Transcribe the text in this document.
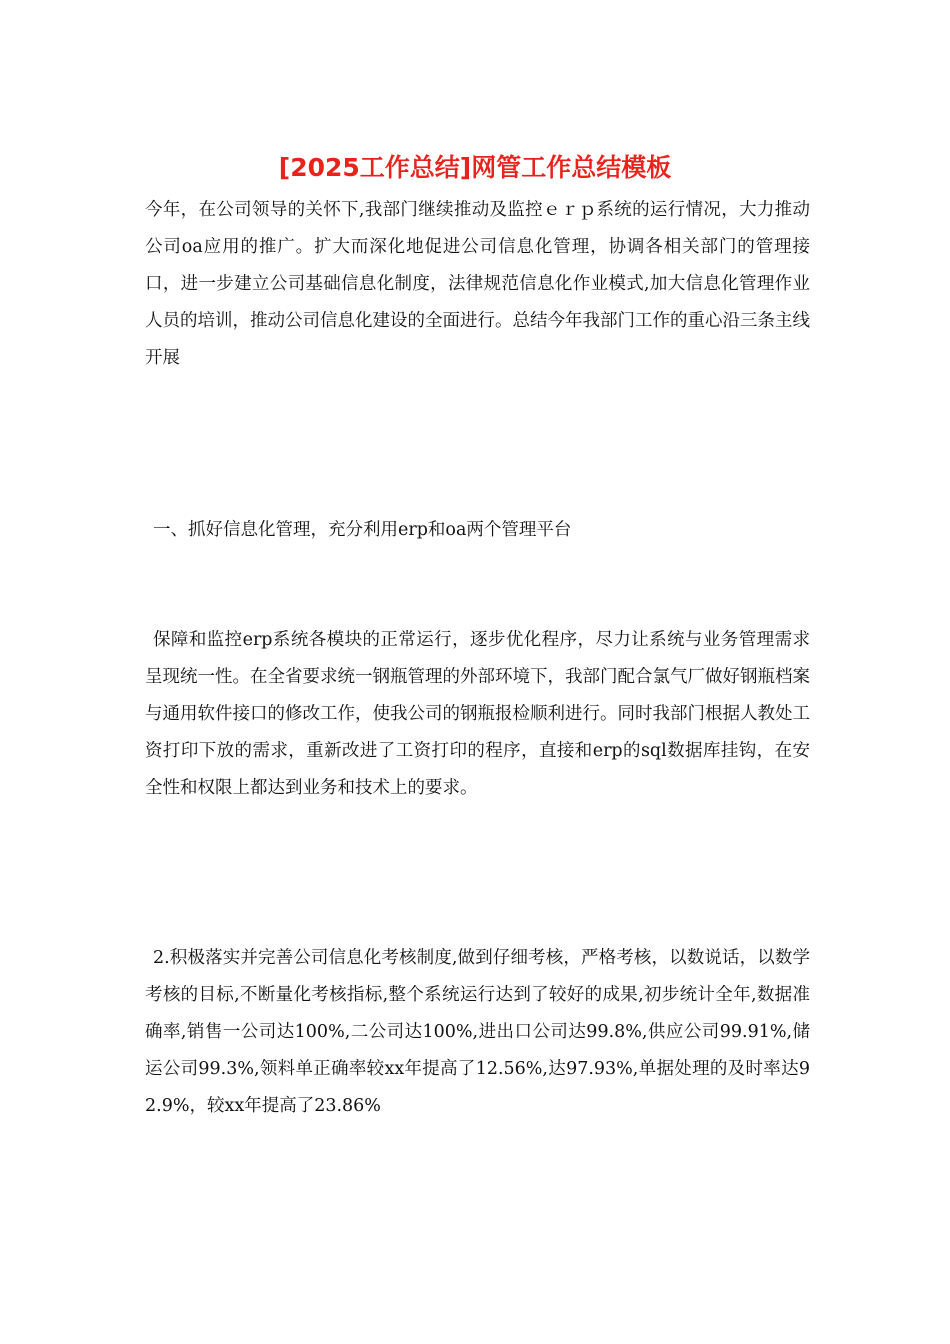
[2025工作总结]网管工作总结模板

今年，在公司领导的关怀下,我部门继续推动及监控ｅｒｐ系统的运行情况，大力推动公司oa应用的推广。扩大而深化地促进公司信息化管理，协调各相关部门的管理接口，进一步建立公司基础信息化制度，法律规范信息化作业模式,加大信息化管理作业人员的培训，推动公司信息化建设的全面进行。总结今年我部门工作的重心沿三条主线开展

一、抓好信息化管理，充分利用erp和oa两个管理平台

保障和监控erp系统各模块的正常运行，逐步优化程序，尽力让系统与业务管理需求呈现统一性。在全省要求统一钢瓶管理的外部环境下，我部门配合氯气厂做好钢瓶档案与通用软件接口的修改工作，使我公司的钢瓶报检顺利进行。同时我部门根据人教处工资打印下放的需求，重新改进了工资打印的程序，直接和erp的sql数据库挂钩，在安全性和权限上都达到业务和技术上的要求。

2.积极落实并完善公司信息化考核制度,做到仔细考核，严格考核，以数说话，以数学考核的目标,不断量化考核指标,整个系统运行达到了较好的成果,初步统计全年,数据准确率,销售一公司达100%,二公司达100%,进出口公司达99.8%,供应公司99.91%,储运公司99.3%,领料单正确率较xx年提高了12.56%,达97.93%,单据处理的及时率达92.9%，较xx年提高了23.86%
